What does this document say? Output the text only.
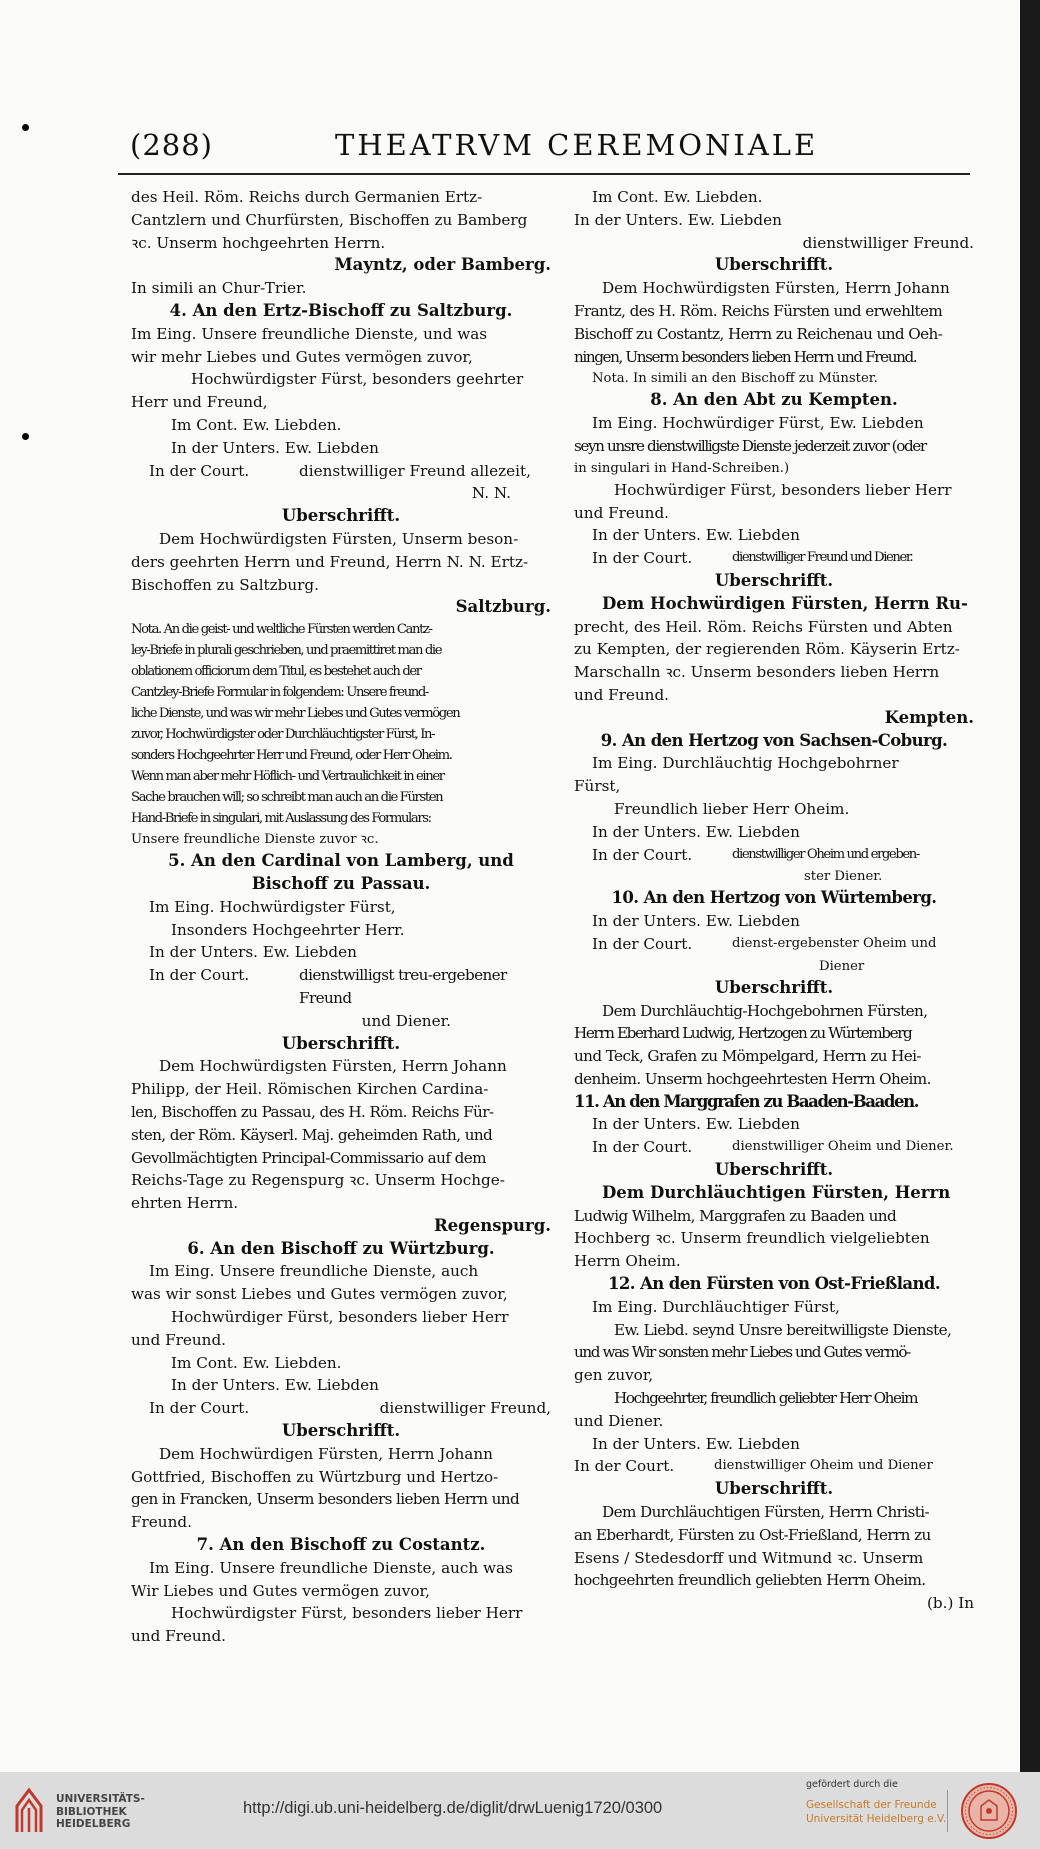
(288)	THEATRVM CEREMONIALE

des Heil. Röm. Reichs durch Germanien Ertz-

Cantzlern und Churfürsten, Bischoffen zu Bamberg

ꝛc. Unserm hochgeehrten Herrn.

Mayntz, oder Bamberg.

In simili an Chur-Trier.

4. An den Ertz-Bischoff zu Saltzburg.

Im Eing. Unsere freundliche Dienste, und was

wir mehr Liebes und Gutes vermögen zuvor,

Hochwürdigster Fürst, besonders geehrter

Herr und Freund,

Im Cont. Ew. Liebden.

In der Unters. Ew. Liebden

In der Court.	dienstwilliger Freund allezeit,

N. N.

Uberschrifft.

Dem Hochwürdigsten Fürsten, Unserm beson-

ders geehrten Herrn und Freund, Herrn N. N. Ertz-

Bischoffen zu Saltzburg.

Saltzburg.

Nota. An die geist- und weltliche Fürsten werden Cantz-

ley-Briefe in plurali geschrieben, und praemittiret man die

oblationem officiorum dem Titul, es bestehet auch der

Cantzley-Briefe Formular in folgendem: Unsere freund-

liche Dienste, und was wir mehr Liebes und Gutes vermögen

zuvor, Hochwürdigster oder Durchläuchtigster Fürst, In-

sonders Hochgeehrter Herr und Freund, oder Herr Oheim.

Wenn man aber mehr Höflich- und Vertraulichkeit in einer

Sache brauchen will; so schreibt man auch an die Fürsten

Hand-Briefe in singulari, mit Auslassung des Formulars:

Unsere freundliche Dienste zuvor ꝛc.

5. An den Cardinal von Lamberg, und

Bischoff zu Passau.

Im Eing. Hochwürdigster Fürst,

Insonders Hochgeehrter Herr.

In der Unters. Ew. Liebden

In der Court.	dienstwilligst treu-ergebener Freund

und Diener.

Uberschrifft.

Dem Hochwürdigsten Fürsten, Herrn Johann

Philipp, der Heil. Römischen Kirchen Cardina-

len, Bischoffen zu Passau, des H. Röm. Reichs Für-

sten, der Röm. Käyserl. Maj. geheimden Rath, und

Gevollmächtigten Principal-Commissario auf dem

Reichs-Tage zu Regenspurg ꝛc. Unserm Hochge-

ehrten Herrn.

Regenspurg.

6. An den Bischoff zu Würtzburg.

Im Eing. Unsere freundliche Dienste, auch

was wir sonst Liebes und Gutes vermögen zuvor,

Hochwürdiger Fürst, besonders lieber Herr

und Freund.

Im Cont. Ew. Liebden.

In der Unters. Ew. Liebden

In der Court.	dienstwilliger Freund,

Uberschrifft.

Dem Hochwürdigen Fürsten, Herrn Johann

Gottfried, Bischoffen zu Würtzburg und Hertzo-

gen in Francken, Unserm besonders lieben Herrn und

Freund.

7. An den Bischoff zu Costantz.

Im Eing. Unsere freundliche Dienste, auch was

Wir Liebes und Gutes vermögen zuvor,

Hochwürdigster Fürst, besonders lieber Herr

und Freund.

Im Cont. Ew. Liebden.

In der Unters. Ew. Liebden

dienstwilliger Freund.

Uberschrifft.

Dem Hochwürdigsten Fürsten, Herrn Johann

Frantz, des H. Röm. Reichs Fürsten und erwehltem

Bischoff zu Costantz, Herrn zu Reichenau und Oeh-

ningen, Unserm besonders lieben Herrn und Freund.

Nota. In simili an den Bischoff zu Münster.

8. An den Abt zu Kempten.

Im Eing. Hochwürdiger Fürst, Ew. Liebden

seyn unsre dienstwilligste Dienste jederzeit zuvor (oder

in singulari in Hand-Schreiben.)

Hochwürdiger Fürst, besonders lieber Herr

und Freund.

In der Unters. Ew. Liebden

In der Court.	dienstwilliger Freund und Diener.

Uberschrifft.

Dem Hochwürdigen Fürsten, Herrn Ru-

precht, des Heil. Röm. Reichs Fürsten und Abten

zu Kempten, der regierenden Röm. Käyserin Ertz-

Marschalln ꝛc. Unserm besonders lieben Herrn

und Freund.

Kempten.

9. An den Hertzog von Sachsen-Coburg.

Im Eing. Durchläuchtig Hochgebohrner

Fürst,

Freundlich lieber Herr Oheim.

In der Unters. Ew. Liebden

In der Court.	dienstwilliger Oheim und ergeben-

ster Diener.

10. An den Hertzog von Würtemberg.

In der Unters. Ew. Liebden

In der Court.	dienst-ergebenster Oheim und

Diener

Uberschrifft.

Dem Durchläuchtig-Hochgebohrnen Fürsten,

Herrn Eberhard Ludwig, Hertzogen zu Würtemberg

und Teck, Grafen zu Mömpelgard, Herrn zu Hei-

denheim. Unserm hochgeehrtesten Herrn Oheim.

11. An den Marggrafen zu Baaden-Baaden.

In der Unters. Ew. Liebden

In der Court.	dienstwilliger Oheim und Diener.

Uberschrifft.

Dem Durchläuchtigen Fürsten, Herrn

Ludwig Wilhelm, Marggrafen zu Baaden und

Hochberg ꝛc. Unserm freundlich vielgeliebten

Herrn Oheim.

12. An den Fürsten von Ost-Frießland.

Im Eing. Durchläuchtiger Fürst,

Ew. Liebd. seynd Unsre bereitwilligste Dienste,

und was Wir sonsten mehr Liebes und Gutes vermö-

gen zuvor,

Hochgeehrter, freundlich geliebter Herr Oheim

und Diener.

In der Unters. Ew. Liebden

In der Court.	dienstwilliger Oheim und Diener

Uberschrifft.

Dem Durchläuchtigen Fürsten, Herrn Christi-

an Eberhardt, Fürsten zu Ost-Frießland, Herrn zu

Esens / Stedesdorff und Witmund ꝛc. Unserm

hochgeehrten freundlich geliebten Herrn Oheim.

(b.) In

UNIVERSITÄTS-
BIBLIOTHEK
HEIDELBERG
http://digi.ub.uni-heidelberg.de/diglit/drwLuenig1720/0300
gefördert durch die
Gesellschaft der Freunde
Universität Heidelberg e.V.
